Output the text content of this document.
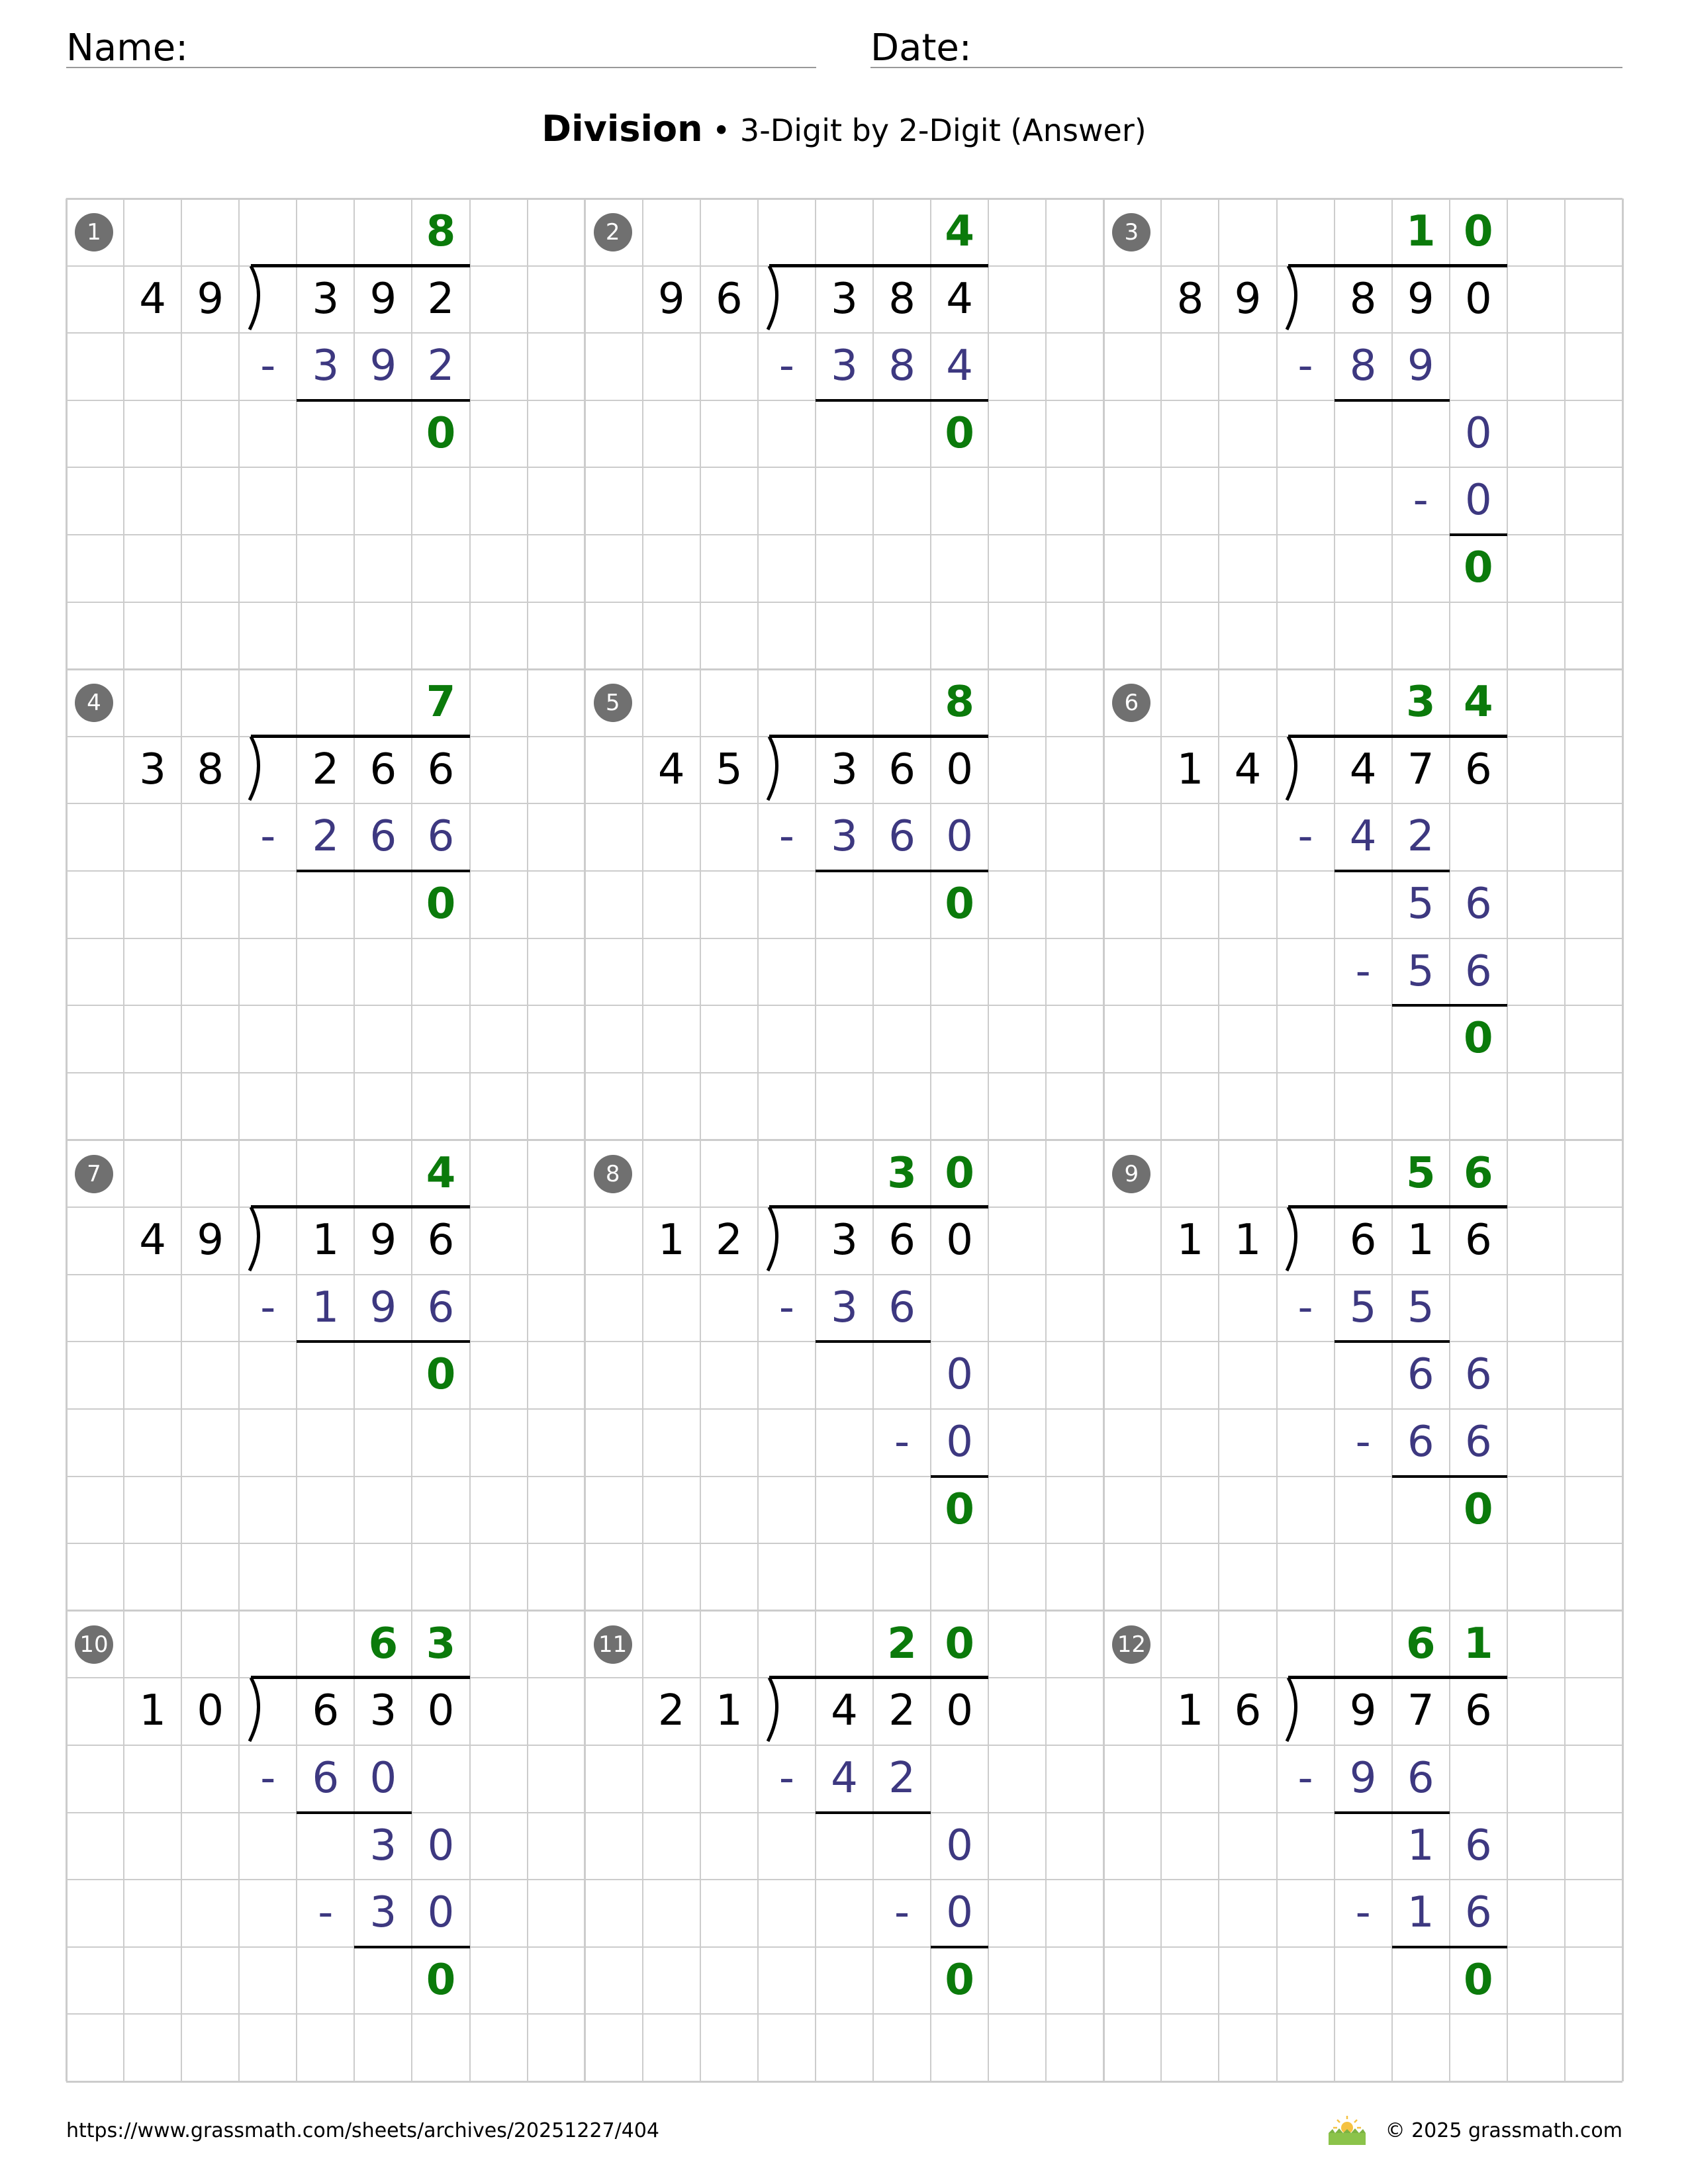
Name:	Date:
Division • 3-Digit by 2-Digit (Answer)
1	8
4 9	3 9 2
- 3 9 2
0
2	4
9 6	3 8 4
- 3 8 4
0
3	1 0
8 9	8 9 0
- 8 9
0
- 0
0
4	7
3 8	2 6 6
- 2 6 6
0
5	8
4 5	3 6 0
- 3 6 0
0
6	3 4
1 4	4 7 6
- 4 2
5 6
- 5 6
0
7	4
4 9	1 9 6
- 1 9 6
0
8	3 0
1 2	3 6 0
- 3 6
0
- 0
0
9	5 6
1 1	6 1 6
- 5 5
6 6
- 6 6
0
10	6 3
1 0	6 3 0
- 6 0
3 0
- 3 0
0
11	2 0
2 1	4 2 0
- 4 2
0
- 0
0
12	6 1
1 6	9 7 6
- 9 6
1 6
- 1 6
0
https://www.grassmath.com/sheets/archives/20251227/404	© 2025 grassmath.com
